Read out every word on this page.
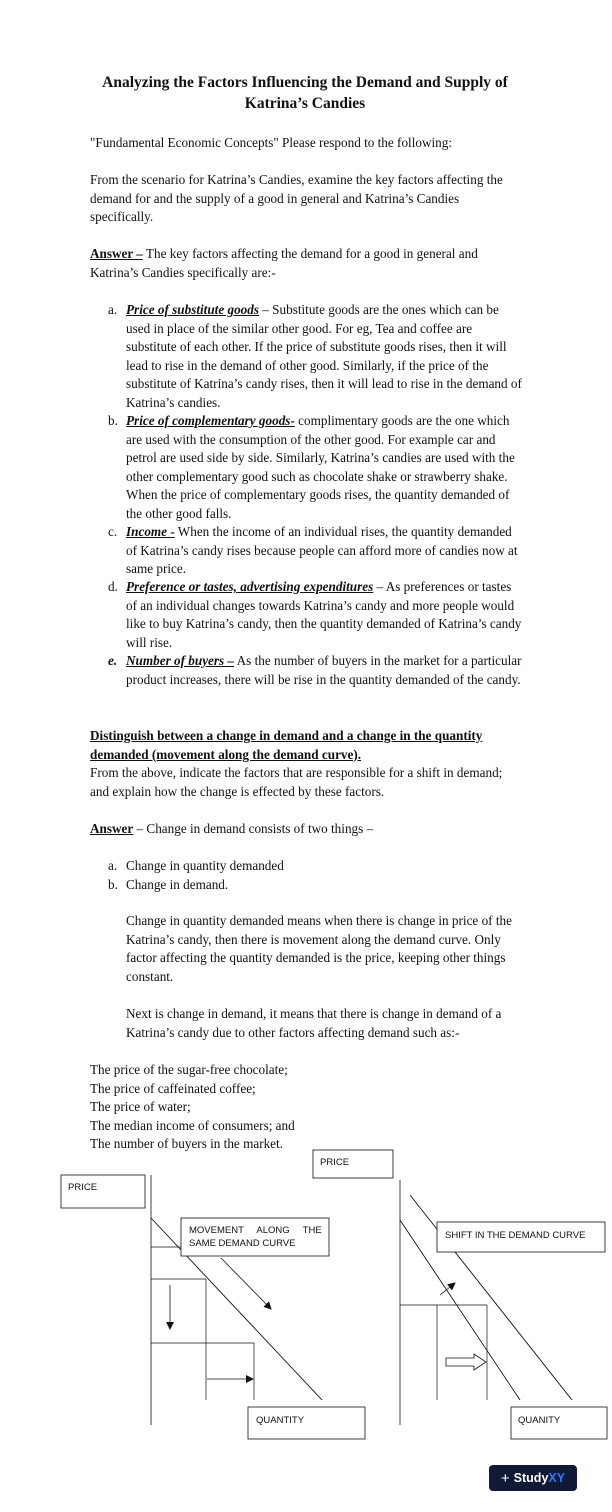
Analyzing the Factors Influencing the Demand and Supply of Katrina’s Candies
"Fundamental Economic Concepts" Please respond to the following:
From the scenario for Katrina’s Candies, examine the key factors affecting the demand for and the supply of a good in general and Katrina’s Candies specifically.
Answer – The key factors affecting the demand for a good in general and Katrina’s Candies specifically are:-
a. Price of substitute goods – Substitute goods are the ones which can be used in place of the similar other good. For eg, Tea and coffee are substitute of each other. If the price of substitute goods rises, then it will lead to rise in the demand of other good. Similarly, if the price of the substitute of Katrina’s candy rises, then it will lead to rise in the demand of Katrina’s candies.
b. Price of complementary goods- complimentary goods are the one which are used with the consumption of the other good. For example car and petrol are used side by side. Similarly, Katrina’s candies are used with the other complementary good such as chocolate shake or strawberry shake. When the price of complementary goods rises, the quantity demanded of the other good falls.
c. Income - When the income of an individual rises, the quantity demanded of Katrina’s candy rises because people can afford more of candies now at same price.
d. Preference or tastes, advertising expenditures – As preferences or tastes of an individual changes towards Katrina’s candy and more people would like to buy Katrina’s candy, then the quantity demanded of Katrina’s candy will rise.
e. Number of buyers – As the number of buyers in the market for a particular product increases, there will be rise in the quantity demanded of the candy.
Distinguish between a change in demand and a change in the quantity demanded (movement along the demand curve).
From the above, indicate the factors that are responsible for a shift in demand; and explain how the change is effected by these factors.
Answer – Change in demand consists of two things –
a. Change in quantity demanded
b. Change in demand.
Change in quantity demanded means when there is change in price of the Katrina’s candy, then there is movement along the demand curve. Only factor affecting the quantity demanded is the price, keeping other things constant.
Next is change in demand, it means that there is change in demand of a Katrina’s candy due to other factors affecting demand such as:-
The price of the sugar-free chocolate;
The price of caffeinated coffee;
The price of water;
The median income of consumers; and
The number of buyers in the market.
PRICE
MOVEMENT     ALONG     THE
SAME DEMAND CURVE
QUANTITY
PRICE
SHIFT IN THE DEMAND CURVE
QUANITY
+ Study XY
